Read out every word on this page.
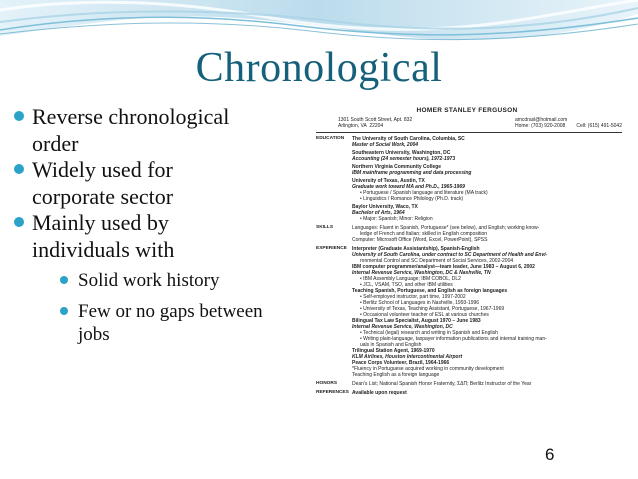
Chronological
Reverse chronological
order
Widely used for
corporate sector
Mainly used by
individuals with
Solid work history
Few or no gaps between
jobs
HOMER STANLEY FERGUSON
1301 South Scott Street, Apt. 832
Arlington, VA  22204
amcdrasl@hotmail.com
Home: (703) 920-2008        Cell: (615) 491-5042
EDUCATION	The University of South Carolina, Columbia, SC
Master of Social Work, 2004
Southeastern University, Washington, DC
Accounting (24 semester hours), 1972-1973
Northern Virginia Community College
IBM mainframe programming and data processing
University of Texas, Austin, TX
Graduate work toward MA and Ph.D., 1965-1969
• Portuguese / Spanish language and literature (MA track)
• Linguistics / Romance Philology (Ph.D. track)
Baylor University, Waco, TX
Bachelor of Arts, 1964
• Major: Spanish; Minor: Religion
SKILLS	Languages: Fluent in Spanish, Portuguese* (see below), and English; working know-
ledge of French and Italian; skilled in English composition
Computer: Microsoft Office (Word, Excel, PowerPoint), SPSS
EXPERIENCE	Interpreter (Graduate Assistantship), Spanish-English
University of South Carolina, under contract to SC Department of Health and Envi-
ronmental Control and SC Department of Social Services, 2002-2004
IBM computer programmer/analyst—team leader, June 1983 – August 6, 2002
Internal Revenue Service, Washington, DC & Nashville, TN
• IBM Assembly Language; IBM COBOL, DL2
• JCL, VSAM, TSO, and other IBM utilities
Teaching Spanish, Portuguese, and English as foreign languages
• Self-employed instructor, part time, 1997-2002
• Berlitz School of Languages in Nashville, 1993-1996
• University of Texas, Teaching Assistant, Portuguese, 1967-1969
• Occasional volunteer teacher of ESL at various churches
Bilingual Tax Law Specialist, August 1970 – June 1983
Internal Revenue Service, Washington, DC
• Technical (legal) research and writing in Spanish and English
• Writing plain-language, taxpayer information publications and internal training man-
uals in Spanish and English
Trilingual Station Agent, 1969-1970
KLM Airlines, Houston Intercontinental Airport
Peace Corps Volunteer, Brazil, 1964-1966
*Fluency in Portuguese acquired working in community development
Teaching English as a foreign language
HONORS	Dean's List; National Spanish Honor Fraternity, ΣΔΠ; Berlitz Instructor of the Year
REFERENCES Available upon request
6
